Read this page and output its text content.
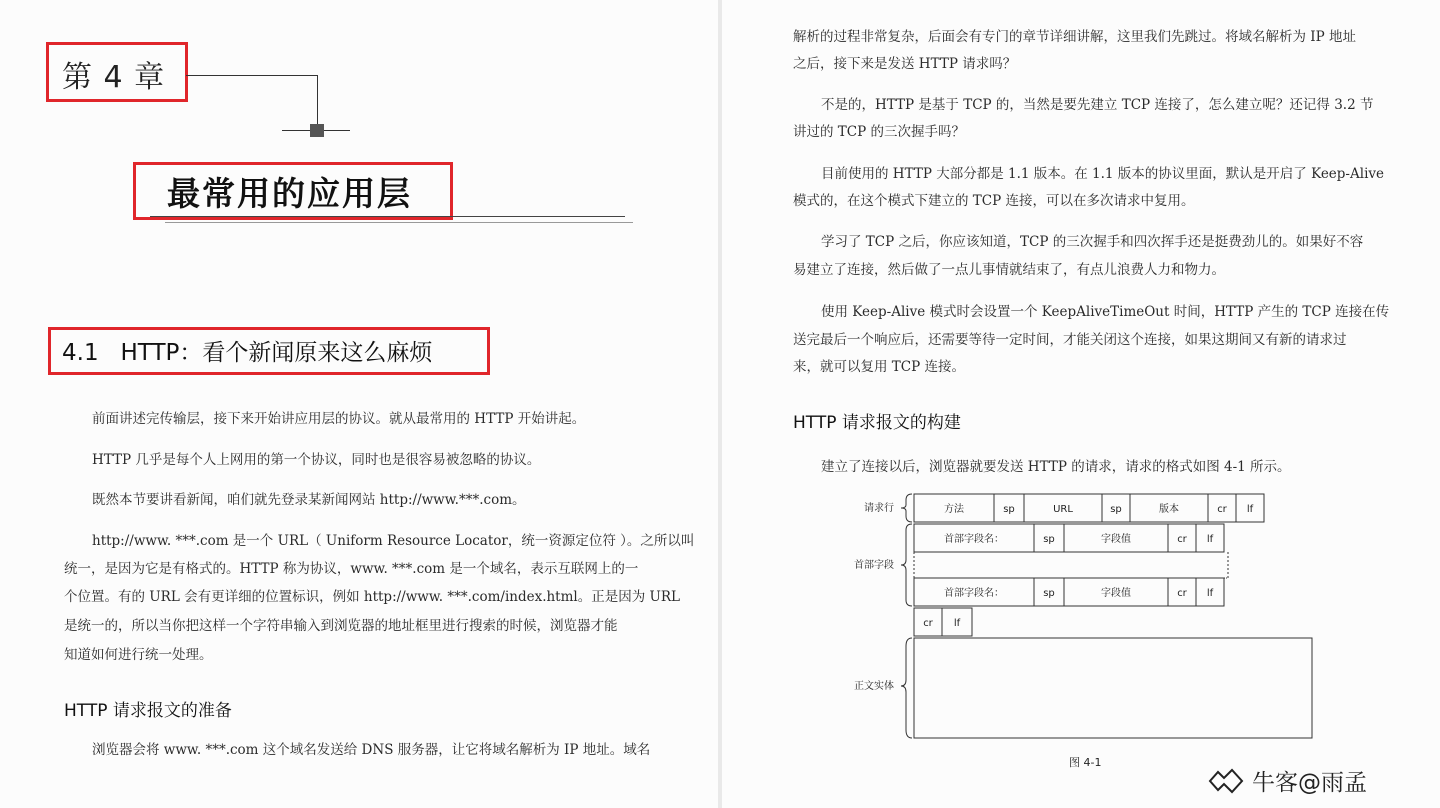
第 4 章
最常用的应用层
4.1   HTTP：看个新闻原来这么麻烦
前面讲述完传输层，接下来开始讲应用层的协议。就从最常用的 HTTP 开始讲起。
HTTP 几乎是每个人上网用的第一个协议，同时也是很容易被忽略的协议。
既然本节要讲看新闻，咱们就先登录某新闻网站 http://www.***.com。
http://www. ***.com 是一个 URL（ Uniform Resource Locator，统一资源定位符 ）。之所以叫
统一，是因为它是有格式的。HTTP 称为协议，www. ***.com 是一个域名，表示互联网上的一
个位置。有的 URL 会有更详细的位置标识，例如 http://www. ***.com/index.html。正是因为 URL
是统一的，所以当你把这样一个字符串输入到浏览器的地址框里进行搜索的时候，浏览器才能
知道如何进行统一处理。
HTTP 请求报文的准备
浏览器会将 www. ***.com 这个域名发送给 DNS 服务器，让它将域名解析为 IP 地址。域名
解析的过程非常复杂，后面会有专门的章节详细讲解，这里我们先跳过。将域名解析为 IP 地址
之后，接下来是发送 HTTP 请求吗？
不是的，HTTP 是基于 TCP 的，当然是要先建立 TCP 连接了，怎么建立呢？还记得 3.2 节
讲过的 TCP 的三次握手吗？
目前使用的 HTTP 大部分都是 1.1 版本。在 1.1 版本的协议里面，默认是开启了 Keep-Alive
模式的，在这个模式下建立的 TCP 连接，可以在多次请求中复用。
学习了 TCP 之后，你应该知道，TCP 的三次握手和四次挥手还是挺费劲儿的。如果好不容
易建立了连接，然后做了一点儿事情就结束了，有点儿浪费人力和物力。
使用 Keep-Alive 模式时会设置一个 KeepAliveTimeOut 时间，HTTP 产生的 TCP 连接在传
送完最后一个响应后，还需要等待一定时间，才能关闭这个连接，如果这期间又有新的请求过
来，就可以复用 TCP 连接。
HTTP 请求报文的构建
建立了连接以后，浏览器就要发送 HTTP 的请求，请求的格式如图 4-1 所示。
请求行
首部字段
正文实体
方法	sp	URL	sp	版本	cr lf
首部字段名：	sp	字段值	cr lf
首部字段名：	sp	字段值	cr lf
cr lf
图 4-1
牛客@雨孟
